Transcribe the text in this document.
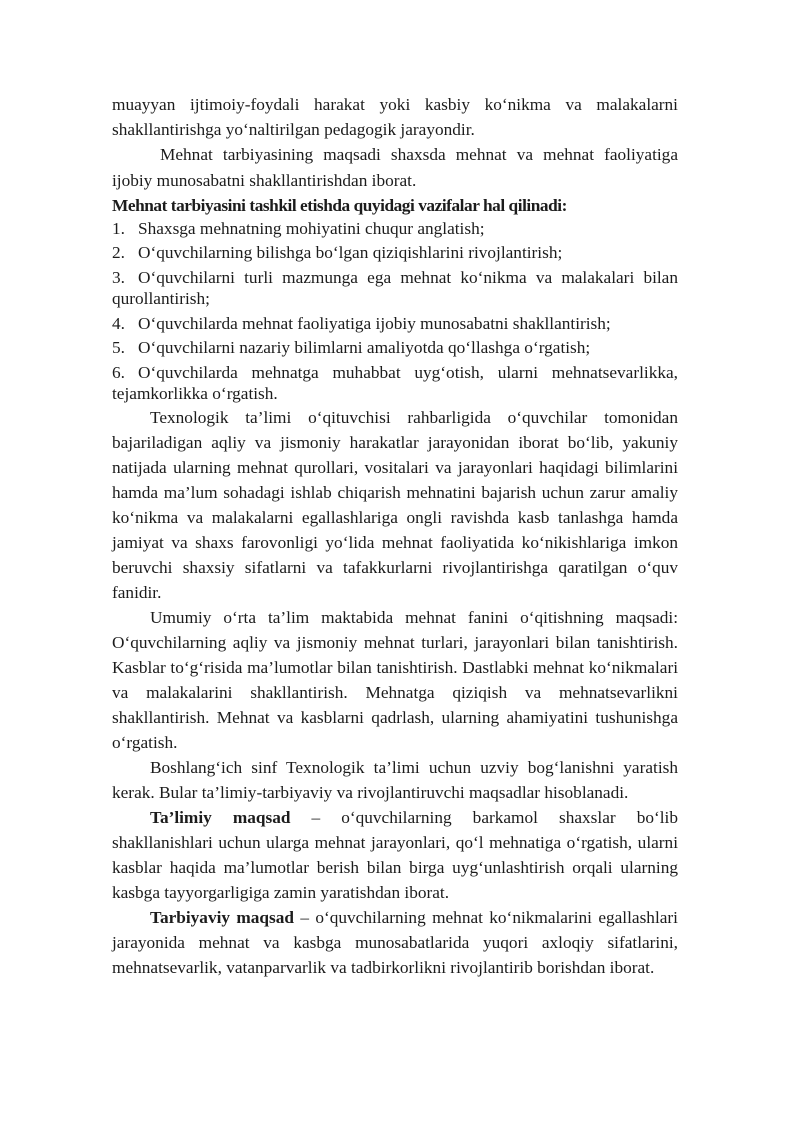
muayyan ijtimoiy-foydali harakat yoki kasbiy ko‘nikma va malakalarni shakllantirishga yo‘naltirilgan pedagogik jarayondir.

Mehnat tarbiyasining maqsadi shaxsda mehnat va mehnat faoliyatiga ijobiy munosabatni shakllantirishdan iborat.

Mehnat tarbiyasini tashkil etishda quyidagi vazifalar hal qilinadi:

1. Shaxsga mehnatning mohiyatini chuqur anglatish;

2. O‘quvchilarning bilishga bo‘lgan qiziqishlarini rivojlantirish;

3. O‘quvchilarni turli mazmunga ega mehnat ko‘nikma va malakalari bilan qurollantirish;

4. O‘quvchilarda mehnat faoliyatiga ijobiy munosabatni shakllantirish;

5. O‘quvchilarni nazariy bilimlarni amaliyotda qo‘llashga o‘rgatish;

6. O‘quvchilarda mehnatga muhabbat uyg‘otish, ularni mehnatsevarlikka, tejamkorlikka o‘rgatish.

Texnologik ta’limi o‘qituvchisi rahbarligida o‘quvchilar tomonidan bajariladigan aqliy va jismoniy harakatlar jarayonidan iborat bo‘lib, yakuniy natijada ularning mehnat qurollari, vositalari va jarayonlari haqidagi bilimlarini hamda ma’lum sohadagi ishlab chiqarish mehnatini bajarish uchun zarur amaliy ko‘nikma va malakalarni egallashlariga ongli ravishda kasb tanlashga hamda jamiyat va shaxs farovonligi yo‘lida mehnat faoliyatida ko‘nikishlariga imkon beruvchi shaxsiy sifatlarni va tafakkurlarni rivojlantirishga qaratilgan o‘quv fanidir.

Umumiy o‘rta ta’lim maktabida mehnat fanini o‘qitishning maqsadi: O‘quvchilarning aqliy va jismoniy mehnat turlari, jarayonlari bilan tanishtirish. Kasblar to‘g‘risida ma’lumotlar bilan tanishtirish. Dastlabki mehnat ko‘nikmalari va malakalarini shakllantirish. Mehnatga qiziqish va mehnatsevarlikni shakllantirish. Mehnat va kasblarni qadrlash, ularning ahamiyatini tushunishga o‘rgatish.

Boshlang‘ich sinf Texnologik ta’limi uchun uzviy bog‘lanishni yaratish kerak. Bular ta’limiy-tarbiyaviy va rivojlantiruvchi maqsadlar hisoblanadi.

Ta’limiy maqsad – o‘quvchilarning barkamol shaxslar bo‘lib shakllanishlari uchun ularga mehnat jarayonlari, qo‘l mehnatiga o‘rgatish, ularni kasblar haqida ma’lumotlar berish bilan birga uyg‘unlashtirish orqali ularning kasbga tayyorgarligiga zamin yaratishdan iborat.

Tarbiyaviy maqsad – o‘quvchilarning mehnat ko‘nikmalarini egallashlari jarayonida mehnat va kasbga munosabatlarida yuqori axloqiy sifatlarini, mehnatsevarlik, vatanparvarlik va tadbirkorlikni rivojlantirib borishdan iborat.
